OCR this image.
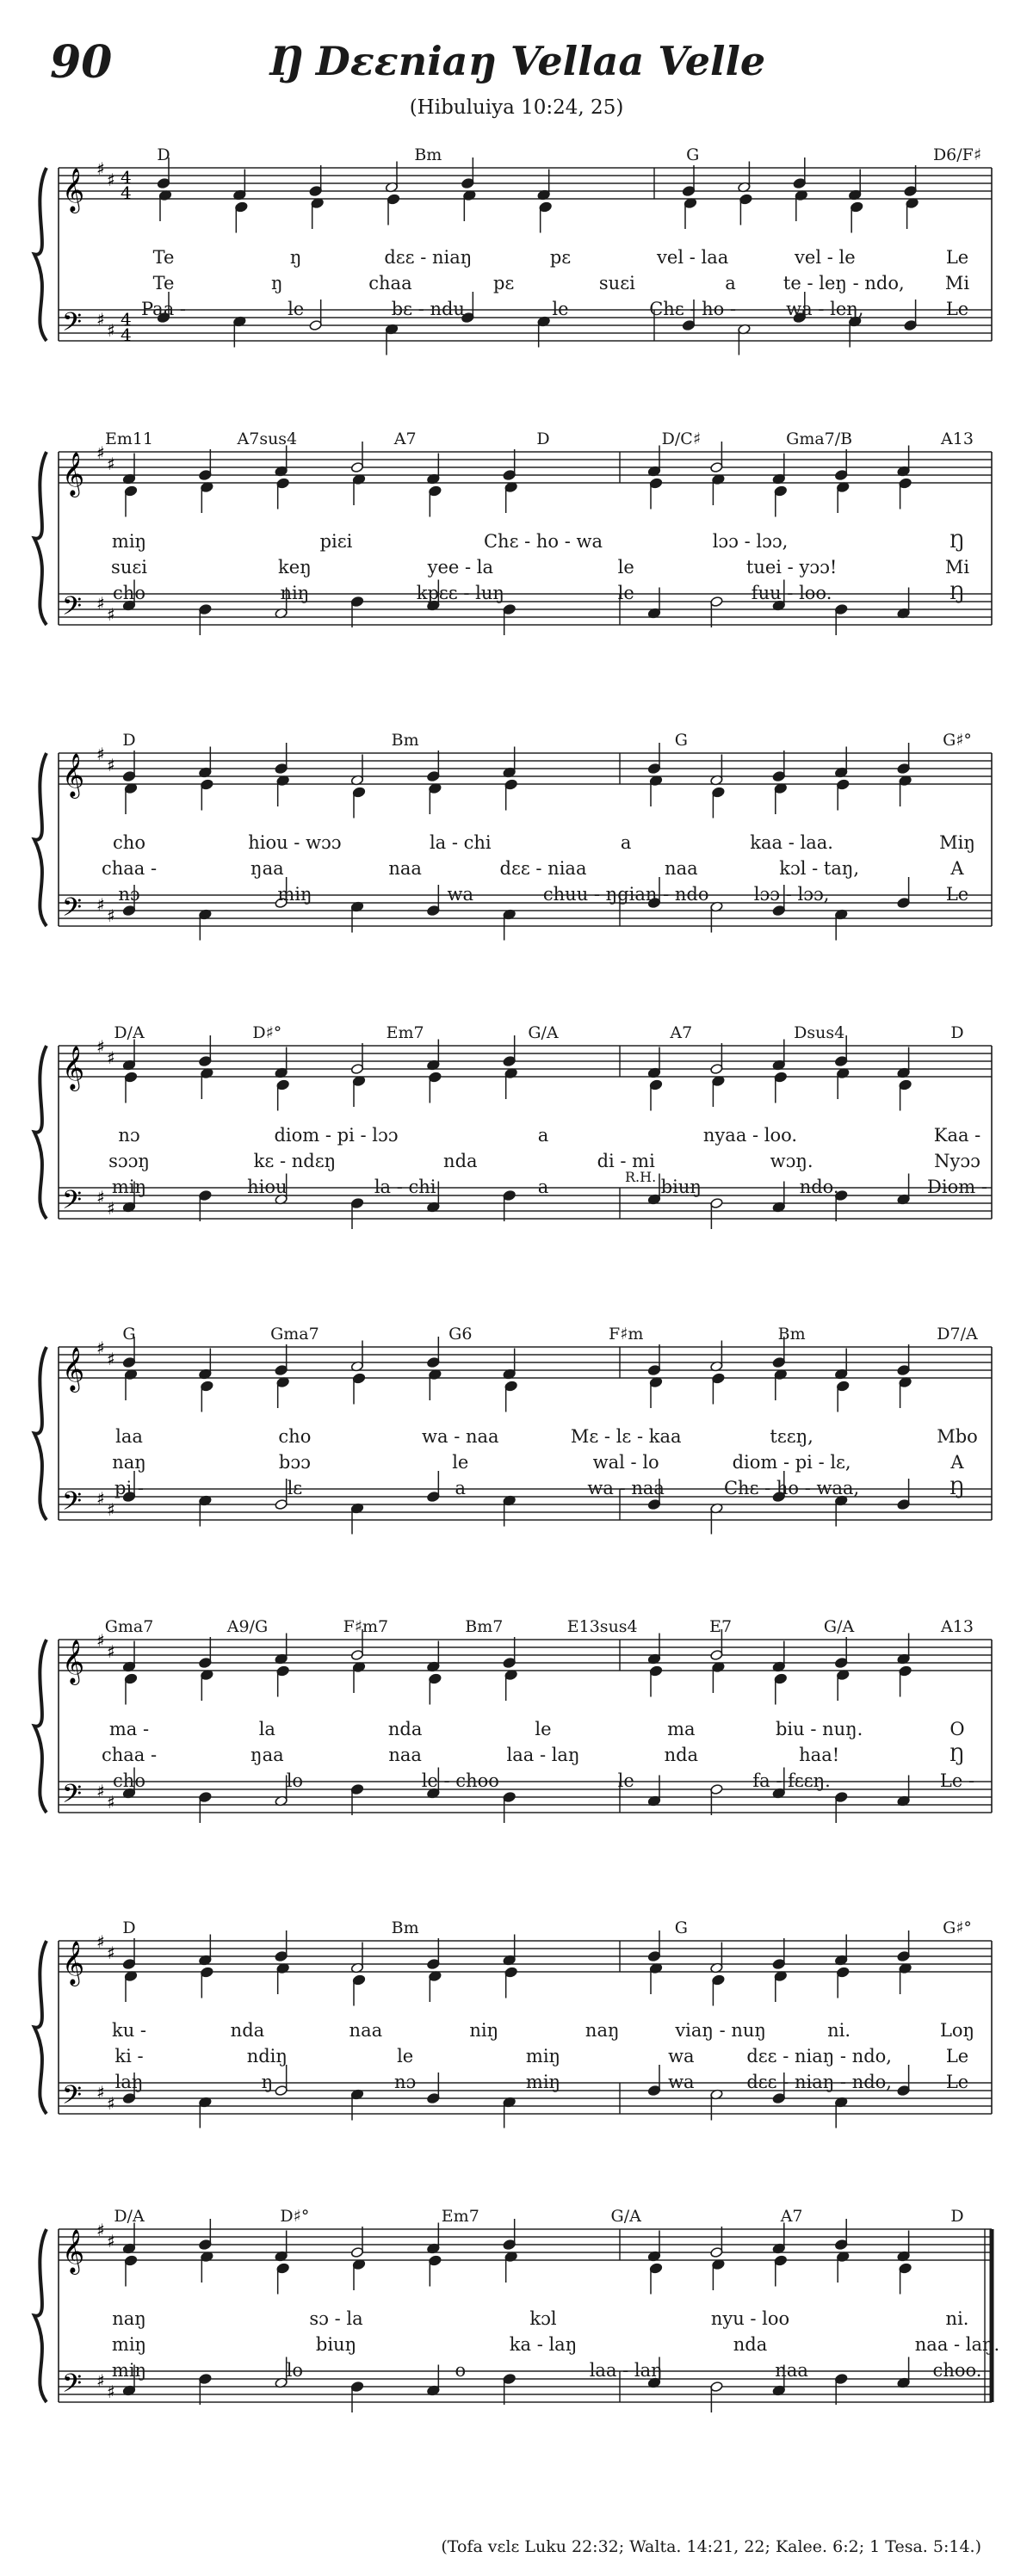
90	Ŋ Dɛɛniaŋ Vellaa Velle
(Hibuluiya 10:24, 25)
𝄞
𝄢
♯
♯
♯
♯
4
4
4
4
D	Bm	G	D6/F♯
Te	ŋ	dɛɛ - niaŋ	pɛ	vel - laa	vel - le	Le
Te	ŋ	chaa	pɛ	suɛi	a	te - leŋ - ndo, Mi
Paa -	le	bɛ - ndu	le	Chɛ - ho -	wa - leŋ,	Le
𝄞
𝄢
♯
♯
♯
♯
Em11	A7sus4	A7	D	D/C♯	Gma7/B	A13
miŋ	piɛi	Chɛ - ho - wa	lɔɔ - lɔɔ,	Ŋ
suɛi	keŋ	yee - la	le	tuei - yɔɔ!	Mi
cho	niŋ	kpɛɛ - luŋ	le	fuu - loo.	Ŋ
𝄞
𝄢
♯
♯
♯
♯
D	Bm	G	G♯°
cho	hiou - wɔɔ	la - chi	a	kaa - laa.	Miŋ
chaa -	ŋaa	naa	dɛɛ - niaa	naa	kɔl - taŋ,	A
nɔ	miŋ	wa	chuu - ŋgiaŋ - ndo lɔɔ - lɔɔ,	Le
𝄞
𝄢
♯
♯
♯
♯
D/A	D♯°	Em7	G/A	A7	Dsus4	D
R.H.
nɔ	diom - pi - lɔɔ	a	nyaa - loo.	Kaa -
sɔɔŋ	kɛ - ndɛŋ	nda	di - mi	wɔŋ.	Nyɔɔ
miŋ	hiou	la - chi	a	biuŋ	ndo.	Diom -
𝄞
𝄢
♯
♯
♯
♯
G	Gma7	G6	F♯m	Bm	D7/A
laa	cho	wa - naa	Mɛ - lɛ - kaa	tɛɛŋ,	Mbo
naŋ	bɔɔ	le	wal - lo	diom - pi - lɛ,	A
pi -	lɛ	a	wa - naa	Chɛ - ho - waa,	Ŋ
𝄞
𝄢
♯
♯
♯
♯
Gma7	A9/G	F♯m7	Bm7	E13sus4	E7	G/A	A13
ma -	la	nda	le	ma	biu - nuŋ.	O
chaa -	ŋaa	naa	laa - laŋ	nda	haa!	Ŋ
cho	lo	le - choo	le	fa - fɛɛŋ.	Le -
𝄞
𝄢
♯
♯
♯
♯
D	Bm	G	G♯°
ku -	nda	naa	niŋ	naŋ	viaŋ - nuŋ	ni.	Loŋ
ki -	ndiŋ	le	miŋ	wa	dɛɛ - niaŋ - ndo,	Le
laŋ	ŋ	nɔ	miŋ	wa	dɛɛ - niaŋ - ndo,	Le
𝄞
𝄢
♯
♯
♯
♯
D/A	D♯°	Em7	G/A	A7	D
naŋ	sɔ - la	kɔl	nyu - loo	ni.
miŋ	biuŋ	ka - laŋ	nda	naa - laŋ.
miŋ	lo	o	laa - laŋ	naa	choo.
(Tofa vɛlɛ Luku 22:32; Walta. 14:21, 22; Kalee. 6:2; 1 Tesa. 5:14.)
